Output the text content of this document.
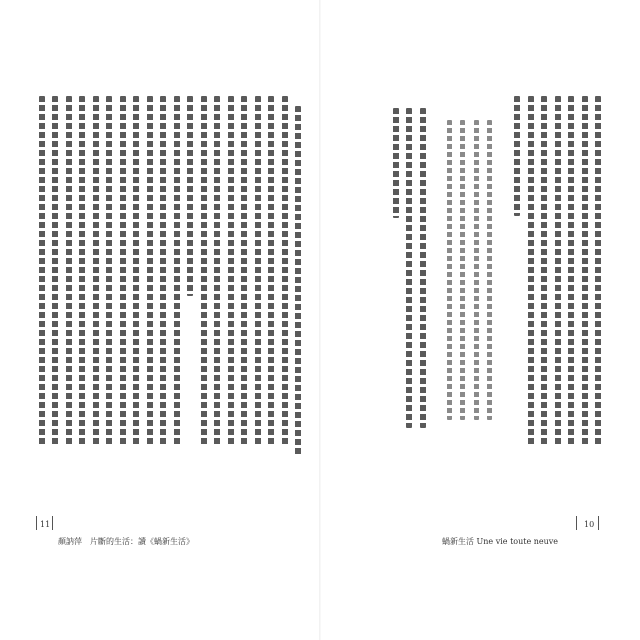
11
顏訥萍　片斷的生活：讀《蝸新生活》
10
蝸新生活 Une vie toute neuve
